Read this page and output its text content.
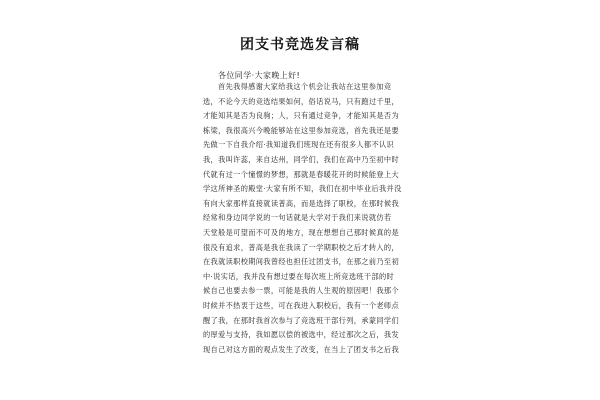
团支书竞选发言稿
各位同学·大家晚上好!
首先我得感谢大家给我这个机会让我站在这里参加竞
选，不论今天的竞选结果如何，俗话说马，只有跑过千里，
才能知其是否为良驹；人，只有通过竞争，才能知其是否为
栋梁，我很高兴今晚能够站在这里参加竞选，首先我还是要
先做一下自我介绍·我知道我们班现在还有很多人都不认识
我，我叫许蕊，来自达州，同学们，我们在高中乃至初中时
代就有过一个憧憬的梦想，那就是春暖花开的时候能登上大
学这所神圣的殿堂·大家有所不知，我们在初中毕业后我并没
有向大家那样直接就读普高，而是选择了职校，在那时候我
经常和身边同学说的一句话就是大学对于我们来说就仿若
天堂般是可望而不可及的地方，现在想想自己那时候真的是
很没有追求，普高是我在我读了一学期职校之后才转入的，
在我就读职校期间我曾经也担任过团支书，在那之前乃至初
中·说实话，我并没有想过要在每次班上所竞选班干部的时
候自己也要去参一票，可能是我的人生观的原因吧！我那个
时候并不热衷于这些，可在我进入职校后，我有一个老师点
醒了我，在那时我首次参与了竞选班干部行列，承蒙同学们
的厚爱与支持，我如愿以偿的被选中，经过那次之后，我发
现自己对这方面的观点发生了改变，在当上了团支书之后我
